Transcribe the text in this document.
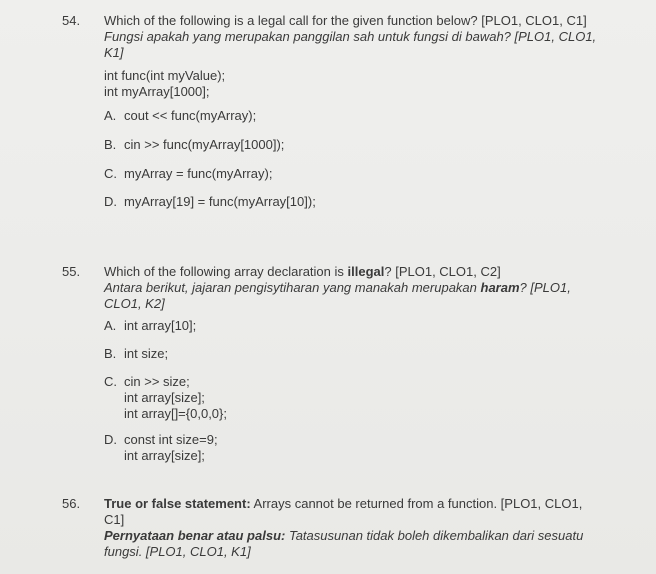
54. Which of the following is a legal call for the given function below? [PLO1, CLO1, C1]
Fungsi apakah yang merupakan panggilan sah untuk fungsi di bawah? [PLO1, CLO1,
K1]
int func(int myValue);
int myArray[1000];
A. cout << func(myArray);
B. cin >> func(myArray[1000]);
C. myArray = func(myArray);
D. myArray[19] = func(myArray[10]);
55. Which of the following array declaration is illegal? [PLO1, CLO1, C2]
Antara berikut, jajaran pengisytiharan yang manakah merupakan haram? [PLO1,
CLO1, K2]
A. int array[10];
B. int size;
C. cin >> size;
int array[size];
int array[]={0,0,0};
D. const int size=9;
int array[size];
56. True or false statement: Arrays cannot be returned from a function. [PLO1, CLO1,
C1]
Pernyataan benar atau palsu: Tatasusunan tidak boleh dikembalikan dari sesuatu
fungsi. [PLO1, CLO1, K1]
